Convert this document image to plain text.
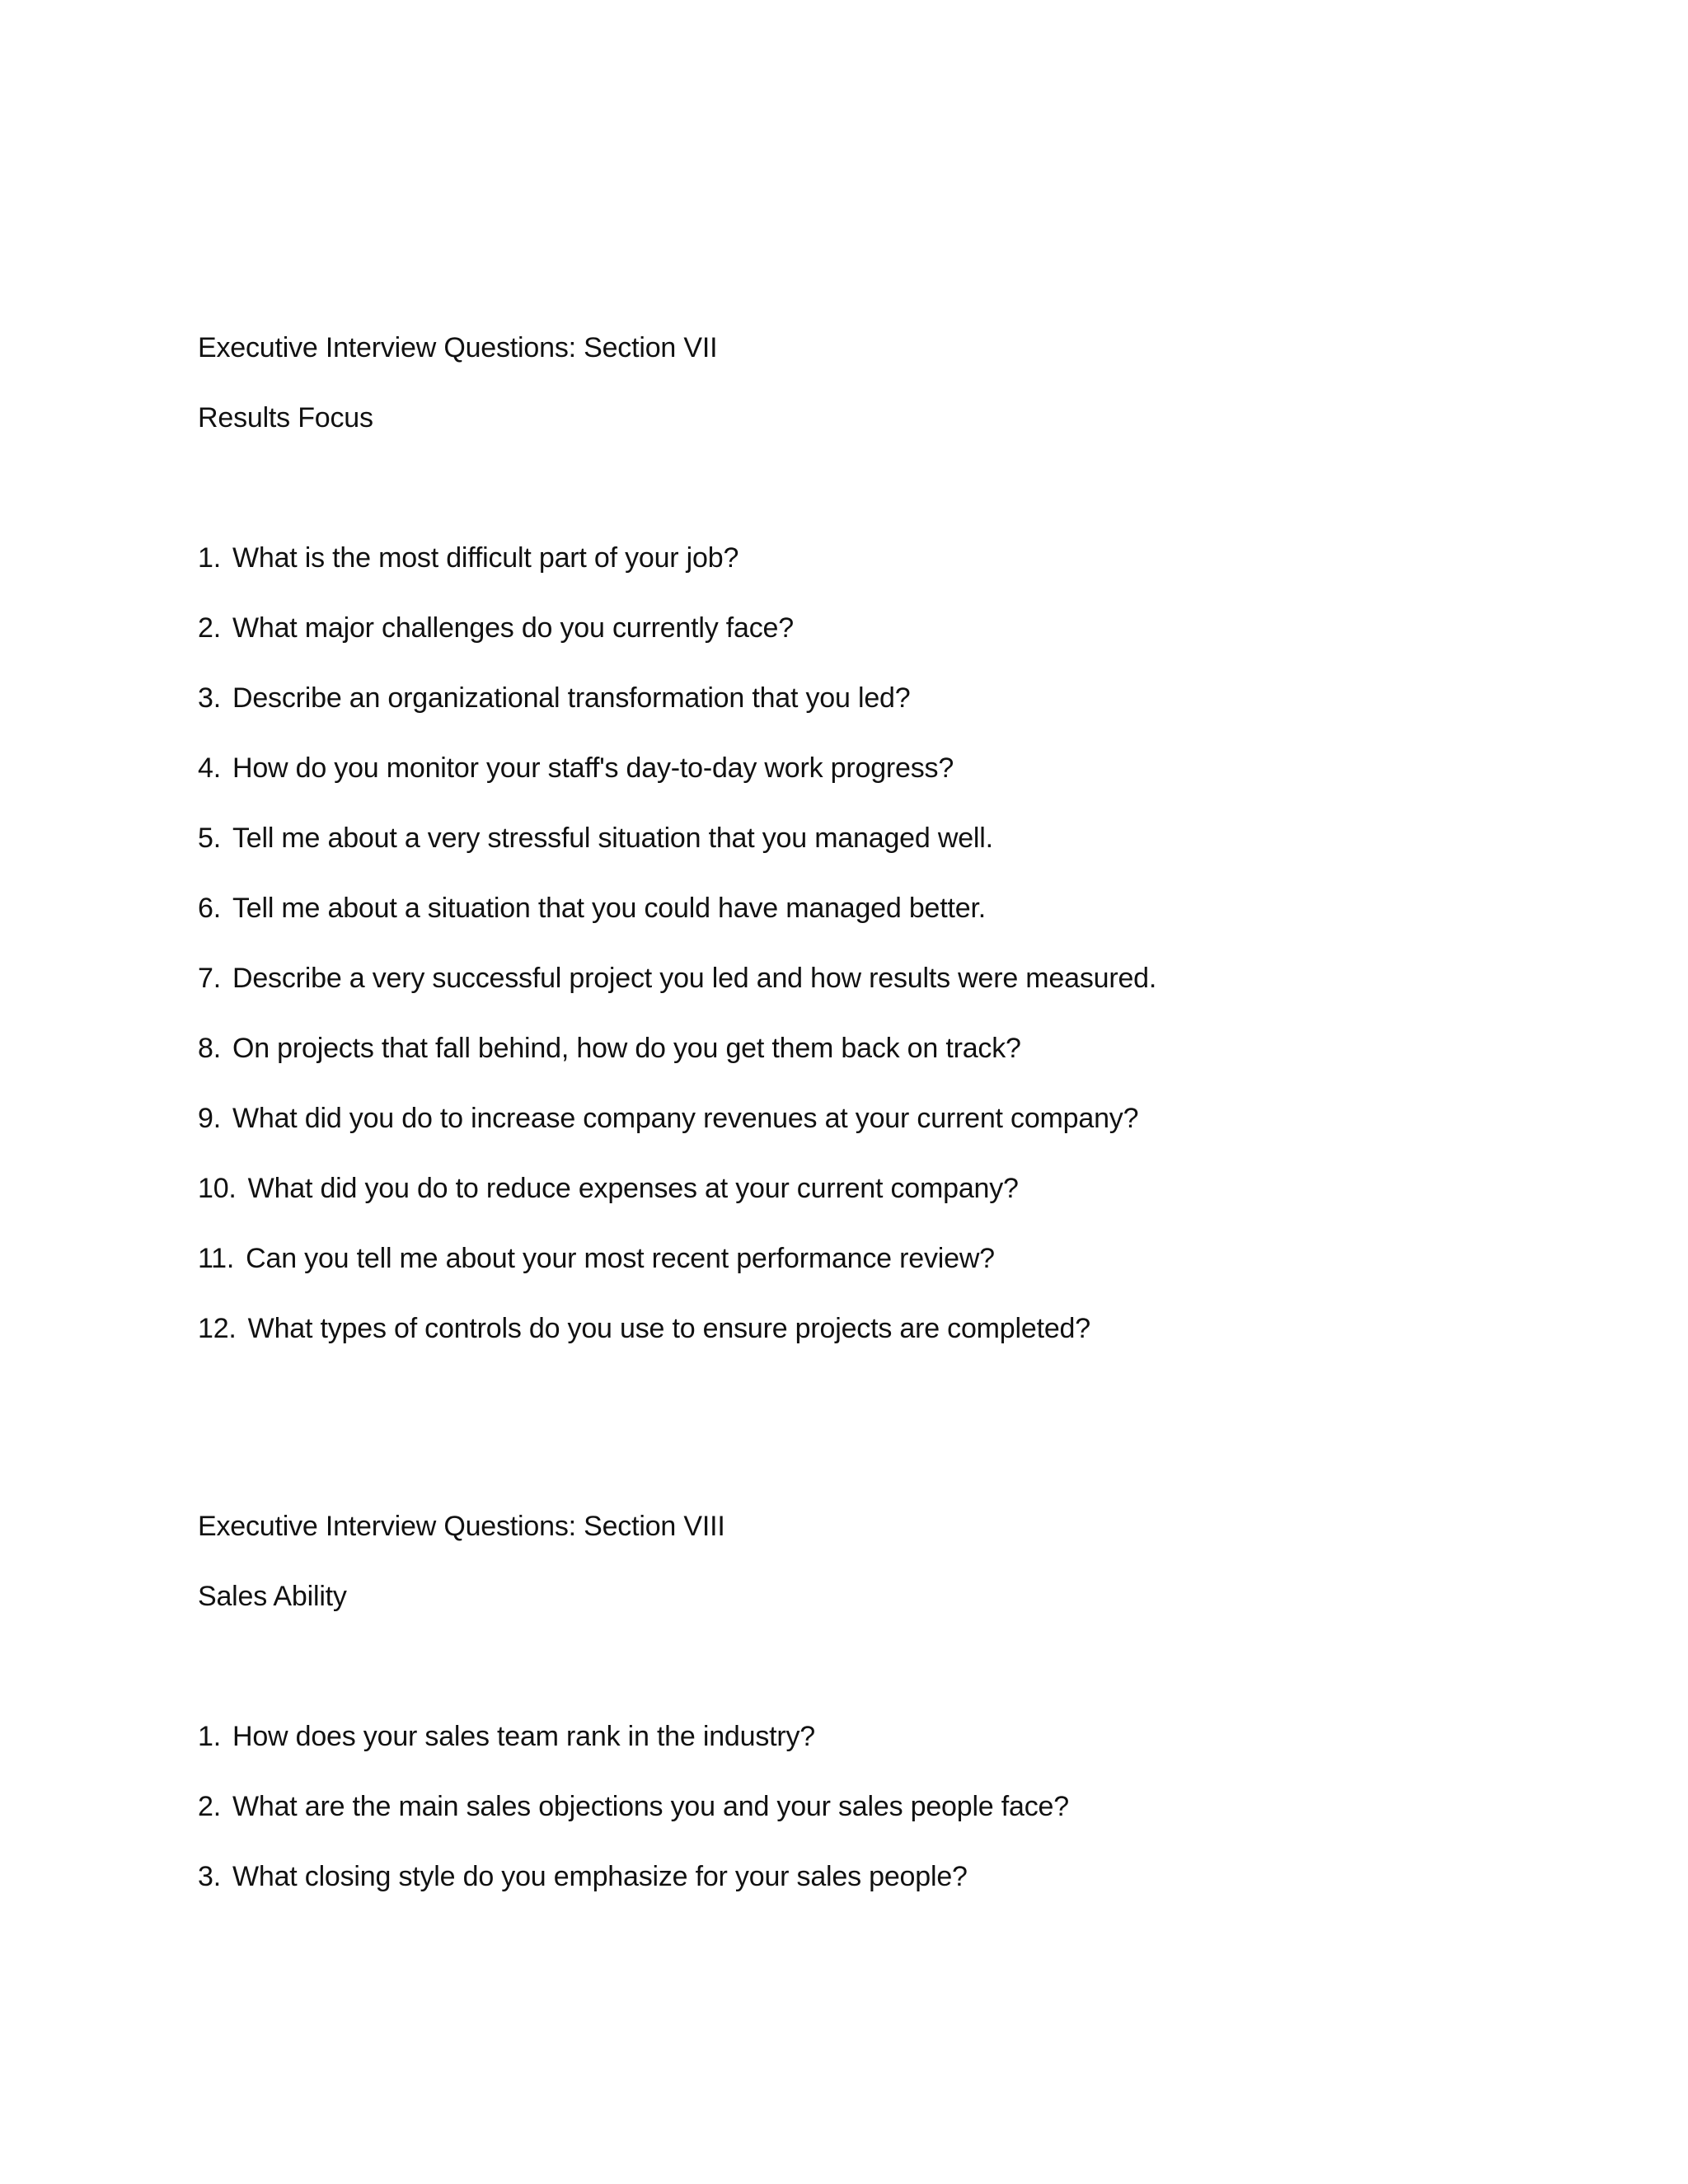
Executive Interview Questions: Section VII
Results Focus
1. What is the most difficult part of your job?
2. What major challenges do you currently face?
3. Describe an organizational transformation that you led?
4. How do you monitor your staff's day-to-day work progress?
5. Tell me about a very stressful situation that you managed well.
6. Tell me about a situation that you could have managed better.
7. Describe a very successful project you led and how results were measured.
8. On projects that fall behind, how do you get them back on track?
9. What did you do to increase company revenues at your current company?
10. What did you do to reduce expenses at your current company?
11. Can you tell me about your most recent performance review?
12. What types of controls do you use to ensure projects are completed?
Executive Interview Questions: Section VIII
Sales Ability
1. How does your sales team rank in the industry?
2. What are the main sales objections you and your sales people face?
3. What closing style do you emphasize for your sales people?
